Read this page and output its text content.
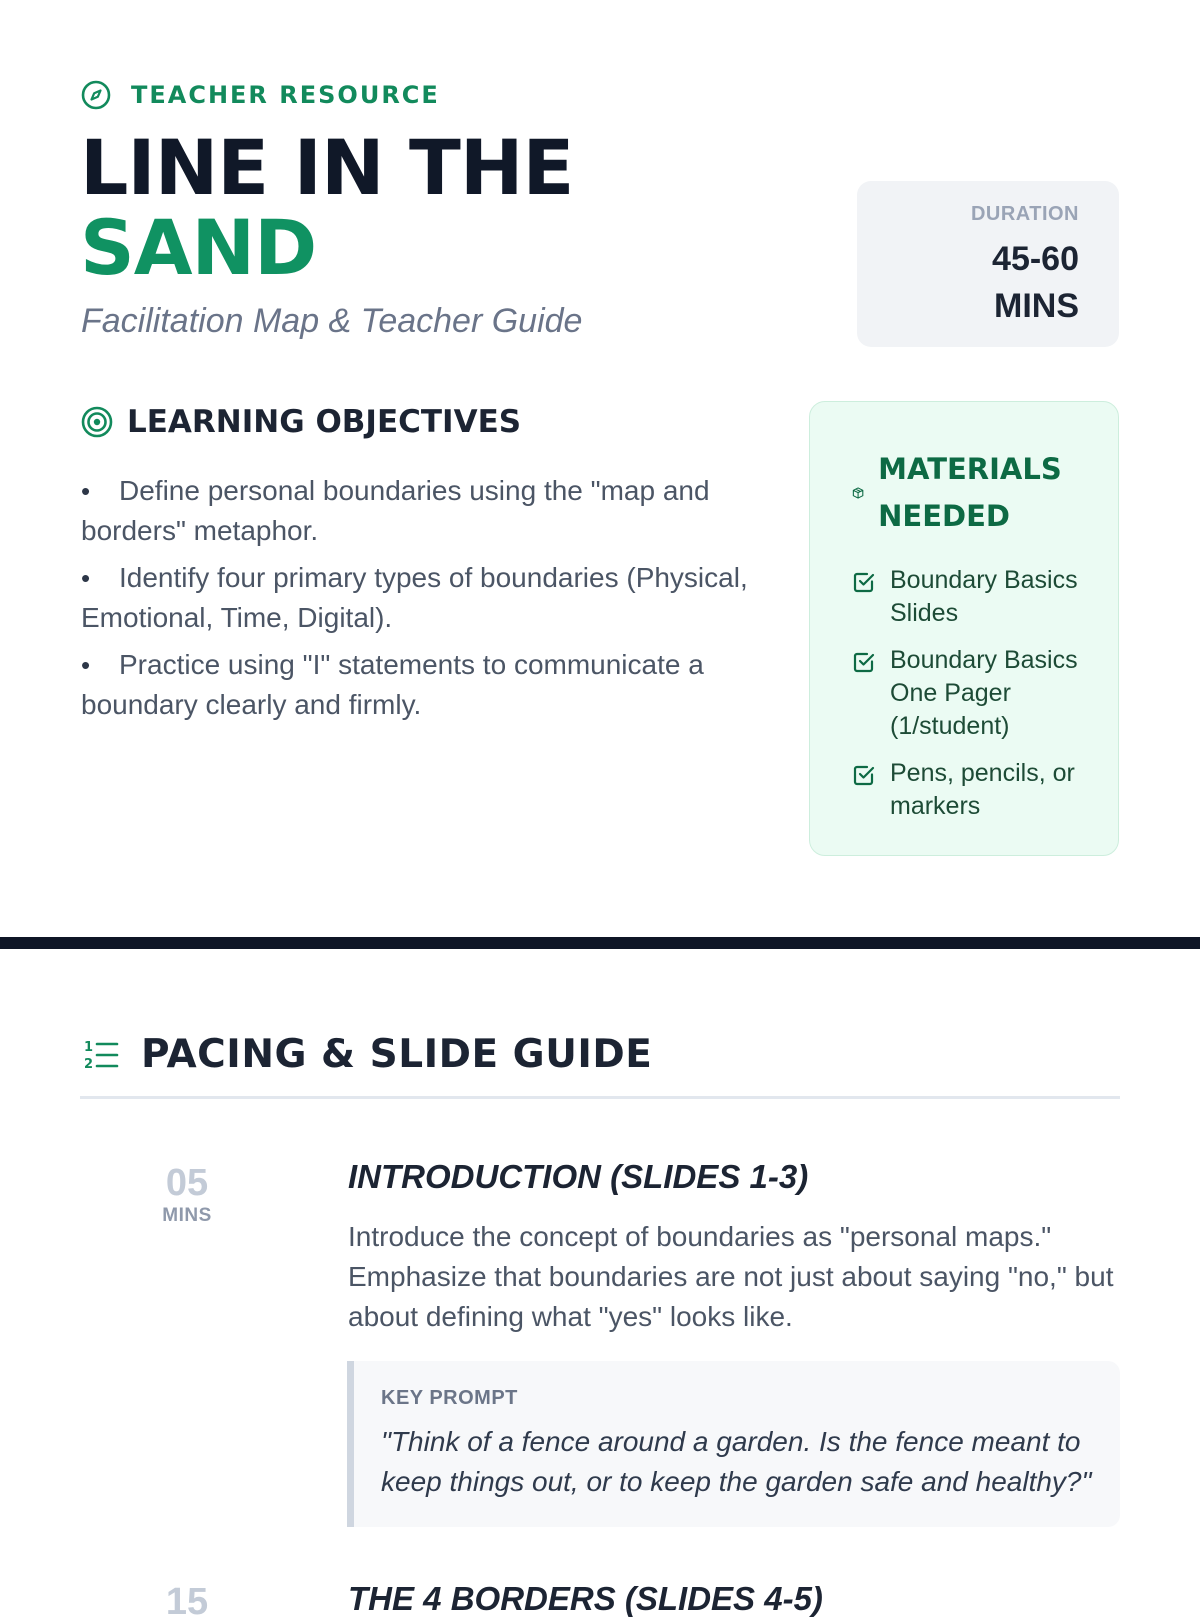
TEACHER RESOURCE
LINE IN THE
SAND
Facilitation Map & Teacher Guide
DURATION
45-60
MINS
LEARNING OBJECTIVES
• Define personal boundaries using the "map and borders" metaphor.
• Identify four primary types of boundaries (Physical, Emotional, Time, Digital).
• Practice using "I" statements to communicate a boundary clearly and firmly.
MATERIALS NEEDED
Boundary Basics Slides
Boundary Basics One Pager (1/student)
Pens, pencils, or markers
1
2 PACING & SLIDE GUIDE
05
MINS
INTRODUCTION (SLIDES 1-3)

Introduce the concept of boundaries as "personal maps." Emphasize that boundaries are not just about saying "no," but about defining what "yes" looks like.

KEY PROMPT
"Think of a fence around a garden. Is the fence meant to keep things out, or to keep the garden safe and healthy?"
15	THE 4 BORDERS (SLIDES 4-5)
